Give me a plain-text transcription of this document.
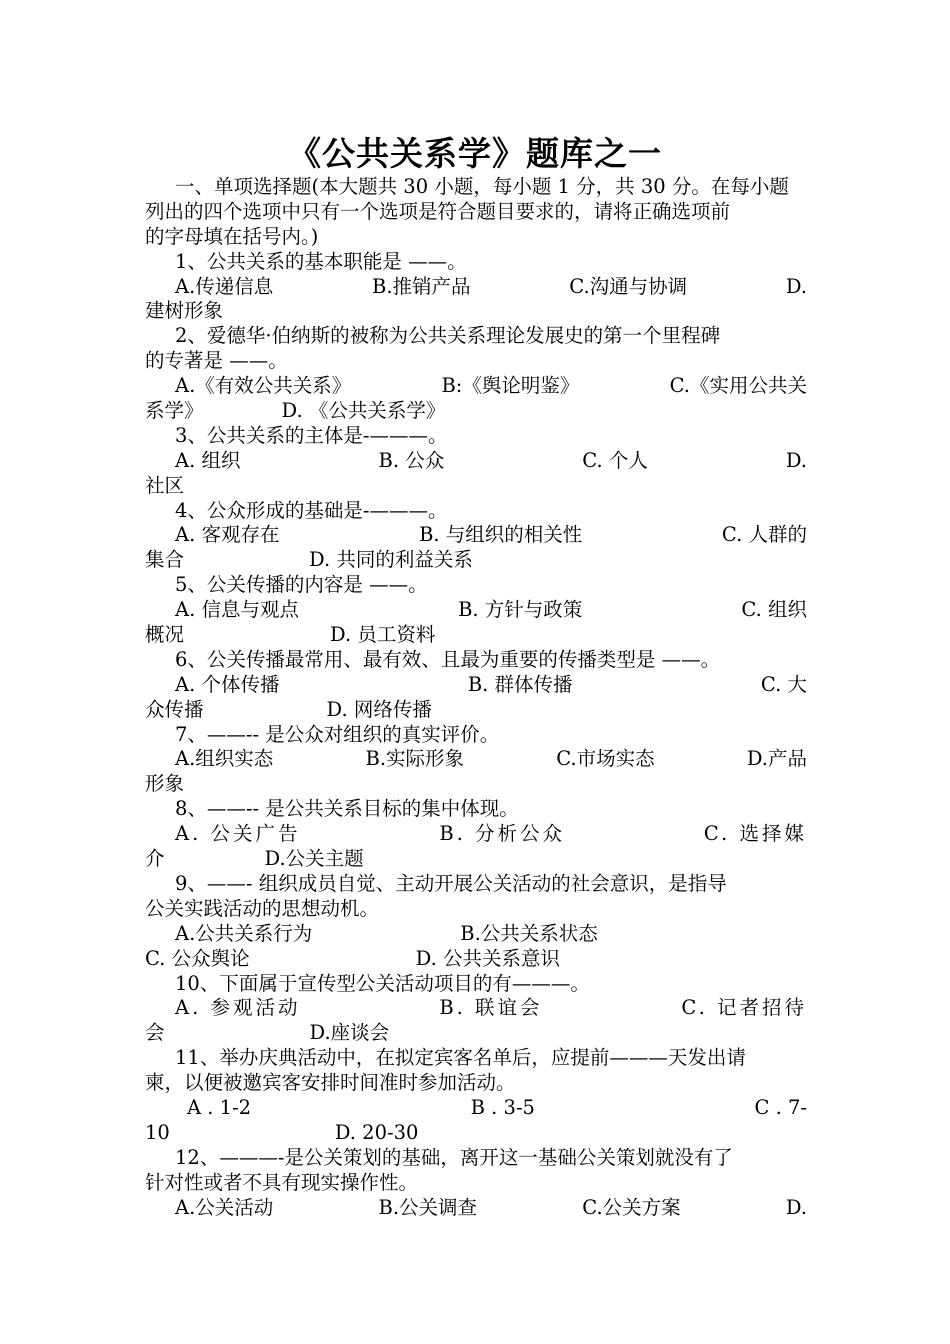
《公共关系学》题库之一
一、单项选择题(本大题共 30 小题，每小题 1 分，共 30 分。在每小题
列出的四个选项中只有一个选项是符合题目要求的，请将正确选项前
的字母填在括号内。)
1、公共关系的基本职能是 ——。
A.传递信息	B.推销产品	C.沟通与协调	D.
建树形象
2、爱德华·伯纳斯的被称为公共关系理论发展史的第一个里程碑
的专著是 ——。
A.《有效公共关系》	B:《舆论明鉴》	C.《实用公共关
系学》	D. 《公共关系学》
3、公共关系的主体是-———。
A. 组织	B. 公众	C. 个人	D.
社区
4、公众形成的基础是-———。
A. 客观存在	B. 与组织的相关性	C. 人群的
集合	D. 共同的利益关系
5、公关传播的内容是 ——。
A. 信息与观点	B. 方针与政策	C. 组织
概况	D. 员工资料
6、公关传播最常用、最有效、且最为重要的传播类型是 ——。
A. 个体传播	B. 群体传播	C. 大
众传播	D. 网络传播
7、——-- 是公众对组织的真实评价。
A.组织实态	B.实际形象	C.市场实态	D.产品
形象
8、——-- 是公共关系目标的集中体现。
A. 公关广告	B. 分析公众	C. 选择媒
介	D.公关主题
9、——- 组织成员自觉、主动开展公关活动的社会意识，是指导
公关实践活动的思想动机。
A.公共关系行为	B.公共关系状态
C. 公众舆论	D. 公共关系意识
10、下面属于宣传型公关活动项目的有———。
A. 参观活动	B. 联谊会	C. 记者招待
会	D.座谈会
11、举办庆典活动中，在拟定宾客名单后，应提前———天发出请
柬，以便被邀宾客安排时间准时参加活动。
A . 1-2	B . 3-5	C . 7-
10	D. 20-30
12、———-是公关策划的基础，离开这一基础公关策划就没有了
针对性或者不具有现实操作性。
A.公关活动	B.公关调查	C.公关方案	D.
